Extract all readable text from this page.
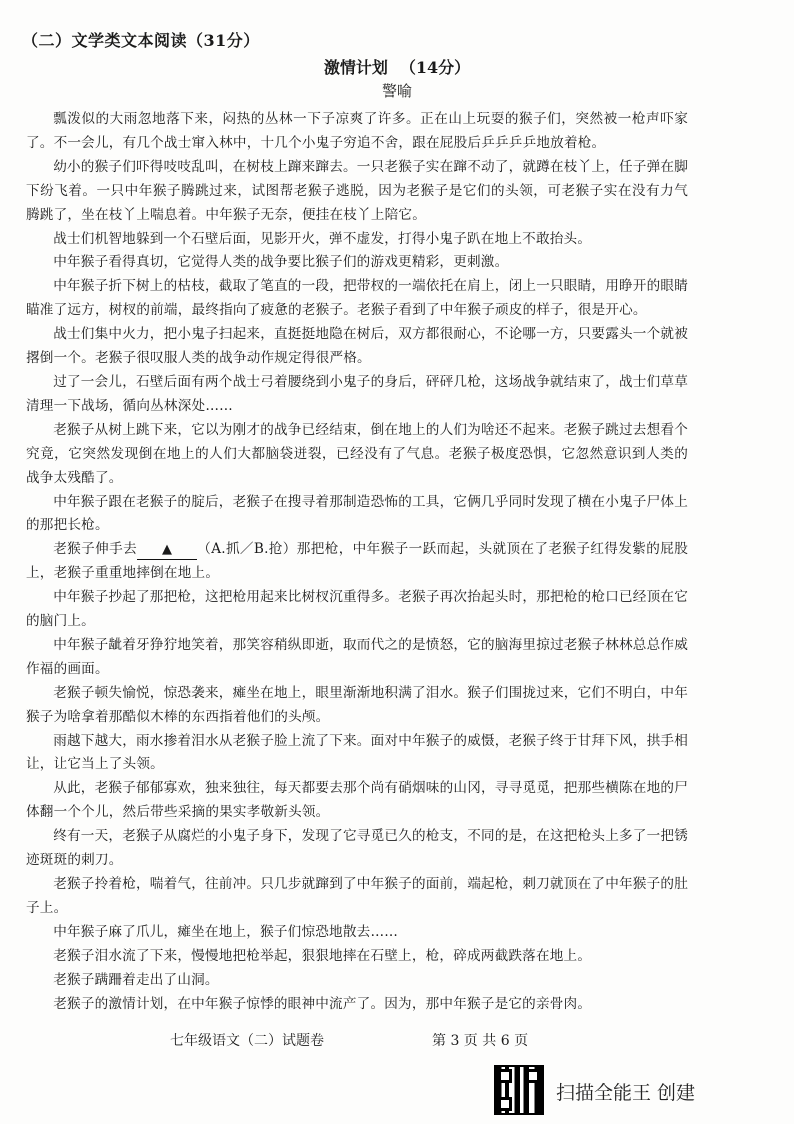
（二）文学类文本阅读（31分）
激情计划 （14分）
警喻

瓢泼似的大雨忽地落下来，闷热的丛林一下子凉爽了许多。正在山上玩耍的猴子们，突然被一枪声吓家了。不一会儿，有几个战士窜入林中，十几个小鬼子穷追不舍，跟在屁股后乒乒乒乒地放着枪。

幼小的猴子们吓得吱吱乱叫，在树枝上蹿来蹿去。一只老猴子实在蹿不动了，就蹲在枝丫上，任子弹在脚下纷飞着。一只中年猴子腾跳过来，试图帮老猴子逃脱，因为老猴子是它们的头领，可老猴子实在没有力气腾跳了，坐在枝丫上喘息着。中年猴子无奈，便挂在枝丫上陪它。

战士们机智地躲到一个石壁后面，见影开火，弹不虚发，打得小鬼子趴在地上不敢抬头。

中年猴子看得真切，它觉得人类的战争要比猴子们的游戏更精彩，更刺激。

中年猴子折下树上的枯枝，截取了笔直的一段，把带杈的一端依托在肩上，闭上一只眼睛，用睁开的眼睛瞄准了远方，树杈的前端，最终指向了疲惫的老猴子。老猴子看到了中年猴子顽皮的样子，很是开心。

战士们集中火力，把小鬼子扫起来，直挺挺地隐在树后，双方都很耐心，不论哪一方，只要露头一个就被撂倒一个。老猴子很叹服人类的战争动作规定得很严格。

过了一会儿，石壁后面有两个战士弓着腰绕到小鬼子的身后，砰砰几枪，这场战争就结束了，战士们草草清理一下战场，循向丛林深处……

老猴子从树上跳下来，它以为刚才的战争已经结束，倒在地上的人们为啥还不起来。老猴子跳过去想看个究竟，它突然发现倒在地上的人们大都脑袋迸裂，已经没有了气息。老猴子极度恐惧，它忽然意识到人类的战争太残酷了。

中年猴子跟在老猴子的腚后，老猴子在搜寻着那制造恐怖的工具，它俩几乎同时发现了横在小鬼子尸体上的那把长枪。

老猴子伸手去 ▲ （A.抓／B.抢）那把枪，中年猴子一跃而起，头就顶在了老猴子红得发紫的屁股上，老猴子重重地摔倒在地上。

中年猴子抄起了那把枪，这把枪用起来比树杈沉重得多。老猴子再次抬起头时，那把枪的枪口已经顶在它的脑门上。

中年猴子龇着牙狰狞地笑着，那笑容稍纵即逝，取而代之的是愤怒，它的脑海里掠过老猴子林林总总作威作福的画面。

老猴子顿失愉悦，惊恐袭来，瘫坐在地上，眼里渐渐地积满了泪水。猴子们围拢过来，它们不明白，中年猴子为啥拿着那酷似木棒的东西指着他们的头颅。

雨越下越大，雨水掺着泪水从老猴子脸上流了下来。面对中年猴子的威慑，老猴子终于甘拜下风，拱手相让，让它当上了头领。

从此，老猴子郁郁寡欢，独来独往，每天都要去那个尚有硝烟味的山冈，寻寻觅觅，把那些横陈在地的尸体翻一个个儿，然后带些采摘的果实孝敬新头领。

终有一天，老猴子从腐烂的小鬼子身下，发现了它寻觅已久的枪支，不同的是，在这把枪头上多了一把锈迹斑斑的刺刀。

老猴子拎着枪，喘着气，往前冲。只几步就蹿到了中年猴子的面前，端起枪，刺刀就顶在了中年猴子的肚子上。

中年猴子麻了爪儿，瘫坐在地上，猴子们惊恐地散去……

老猴子泪水流了下来，慢慢地把枪举起，狠狠地摔在石壁上，枪，碎成两截跌落在地上。

老猴子蹒跚着走出了山洞。

老猴子的激情计划，在中年猴子惊悸的眼神中流产了。因为，那中年猴子是它的亲骨肉。

七年级语文（二）试题卷	第 3 页 共 6 页
扫描全能王 创建
